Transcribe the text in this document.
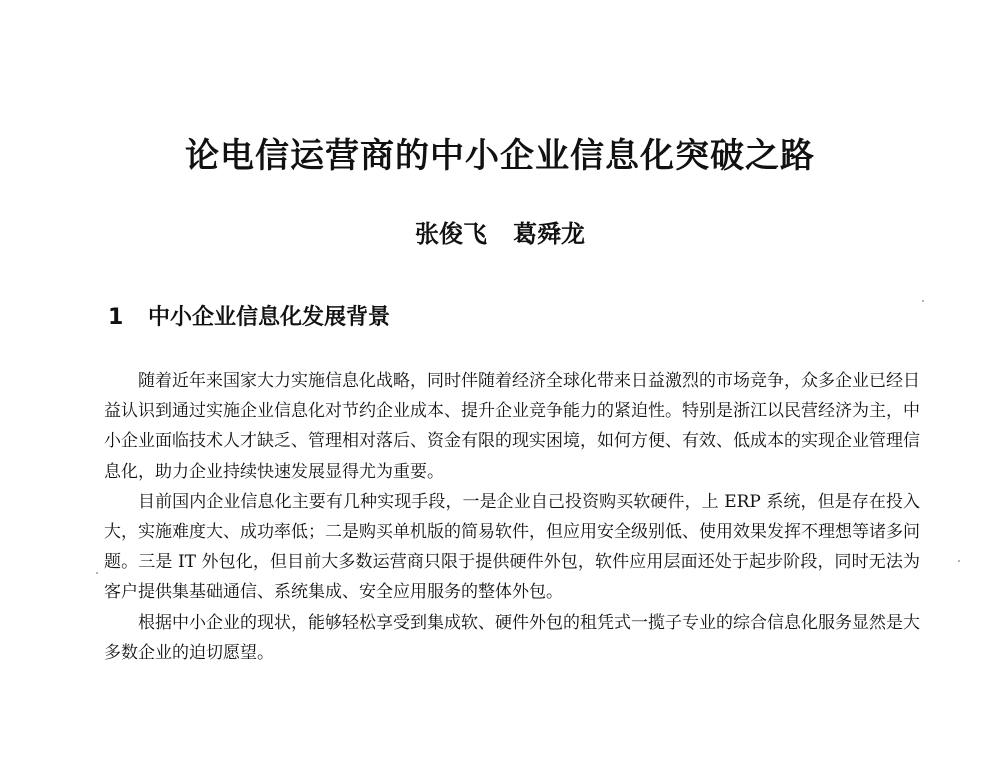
论电信运营商的中小企业信息化突破之路
张俊飞 葛舜龙
1 中小企业信息化发展背景

随着近年来国家大力实施信息化战略，同时伴随着经济全球化带来日益激烈的市场竞争，众多企业已经日益认识到通过实施企业信息化对节约企业成本、提升企业竞争能力的紧迫性。特别是浙江以民营经济为主，中小企业面临技术人才缺乏、管理相对落后、资金有限的现实困境，如何方便、有效、低成本的实现企业管理信息化，助力企业持续快速发展显得尤为重要。

目前国内企业信息化主要有几种实现手段，一是企业自己投资购买软硬件，上 ERP 系统，但是存在投入大，实施难度大、成功率低；二是购买单机版的简易软件，但应用安全级别低、使用效果发挥不理想等诸多问题。三是 IT 外包化，但目前大多数运营商只限于提供硬件外包，软件应用层面还处于起步阶段，同时无法为客户提供集基础通信、系统集成、安全应用服务的整体外包。

根据中小企业的现状，能够轻松享受到集成软、硬件外包的租凭式一揽子专业的综合信息化服务显然是大多数企业的迫切愿望。
